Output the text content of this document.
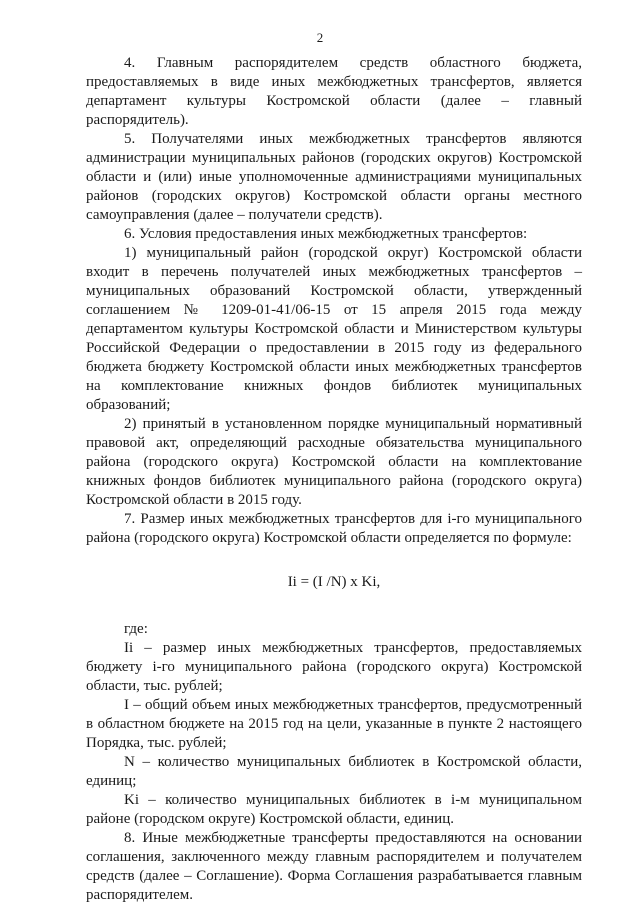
2

4. Главным распорядителем средств областного бюджета, предоставляемых в виде иных межбюджетных трансфертов, является департамент культуры Костромской области (далее – главный распорядитель).

5. Получателями иных межбюджетных трансфертов являются администрации муниципальных районов (городских округов) Костромской области и (или) иные уполномоченные администрациями муниципальных районов (городских округов) Костромской области органы местного самоуправления (далее – получатели средств).

6. Условия предоставления иных межбюджетных трансфертов:

1) муниципальный район (городской округ) Костромской области входит в перечень получателей иных межбюджетных трансфертов – муниципальных образований Костромской области, утвержденный соглашением № 1209-01-41/06-15 от 15 апреля 2015 года между департаментом культуры Костромской области и Министерством культуры Российской Федерации о предоставлении в 2015 году из федерального бюджета бюджету Костромской области иных межбюджетных трансфертов на комплектование книжных фондов библиотек муниципальных образований;

2) принятый в установленном порядке муниципальный нормативный правовой акт, определяющий расходные обязательства муниципального района (городского округа) Костромской области на комплектование книжных фондов библиотек муниципального района (городского округа) Костромской области в 2015 году.

7. Размер иных межбюджетных трансфертов для i-го муниципального района (городского округа) Костромской области определяется по формуле:

Ii = (I /N) x Ki,

где:

Ii – размер иных межбюджетных трансфертов, предоставляемых бюджету i-го муниципального района (городского округа) Костромской области, тыс. рублей;

I – общий объем иных межбюджетных трансфертов, предусмотренный в областном бюджете на 2015 год на цели, указанные в пункте 2 настоящего Порядка, тыс. рублей;

N – количество муниципальных библиотек в Костромской области, единиц;

Ki – количество муниципальных библиотек в i-м муниципальном районе (городском округе) Костромской области, единиц.

8. Иные межбюджетные трансферты предоставляются на основании соглашения, заключенного между главным распорядителем и получателем средств (далее – Соглашение). Форма Соглашения разрабатывается главным распорядителем.
